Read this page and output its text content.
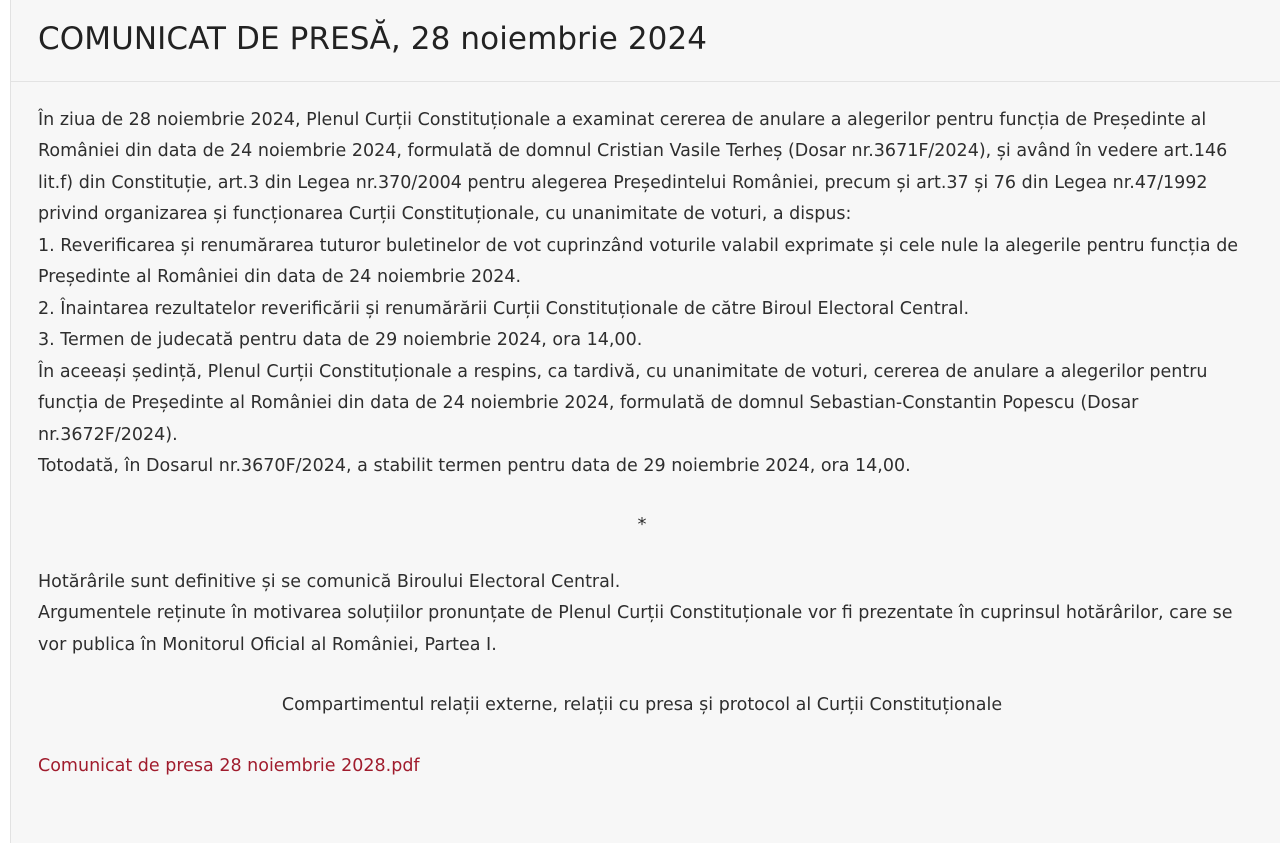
COMUNICAT DE PRESĂ, 28 noiembrie 2024

În ziua de 28 noiembrie 2024, Plenul Curții Constituționale a examinat cererea de anulare a alegerilor pentru funcția de Președinte al României din data de 24 noiembrie 2024, formulată de domnul Cristian Vasile Terheș (Dosar nr.3671F/2024), și având în vedere art.146 lit.f) din Constituție, art.3 din Legea nr.370/2004 pentru alegerea Președintelui României, precum și art.37 și 76 din Legea nr.47/1992 privind organizarea și funcționarea Curții Constituționale, cu unanimitate de voturi, a dispus:

1. Reverificarea și renumărarea tuturor buletinelor de vot cuprinzând voturile valabil exprimate și cele nule la alegerile pentru funcția de Președinte al României din data de 24 noiembrie 2024.

2. Înaintarea rezultatelor reverificării și renumărării Curții Constituționale de către Biroul Electoral Central.

3. Termen de judecată pentru data de 29 noiembrie 2024, ora 14,00.

În aceeași ședință, Plenul Curții Constituționale a respins, ca tardivă, cu unanimitate de voturi, cererea de anulare a alegerilor pentru funcția de Președinte al României din data de 24 noiembrie 2024, formulată de domnul Sebastian-Constantin Popescu (Dosar nr.3672F/2024).

Totodată, în Dosarul nr.3670F/2024, a stabilit termen pentru data de 29 noiembrie 2024, ora 14,00.

*

Hotărârile sunt definitive și se comunică Biroului Electoral Central.

Argumentele reținute în motivarea soluțiilor pronunțate de Plenul Curții Constituționale vor fi prezentate în cuprinsul hotărârilor, care se vor publica în Monitorul Oficial al României, Partea I.

Compartimentul relații externe, relații cu presa și protocol al Curții Constituționale
Comunicat de presa 28 noiembrie 2028.pdf
